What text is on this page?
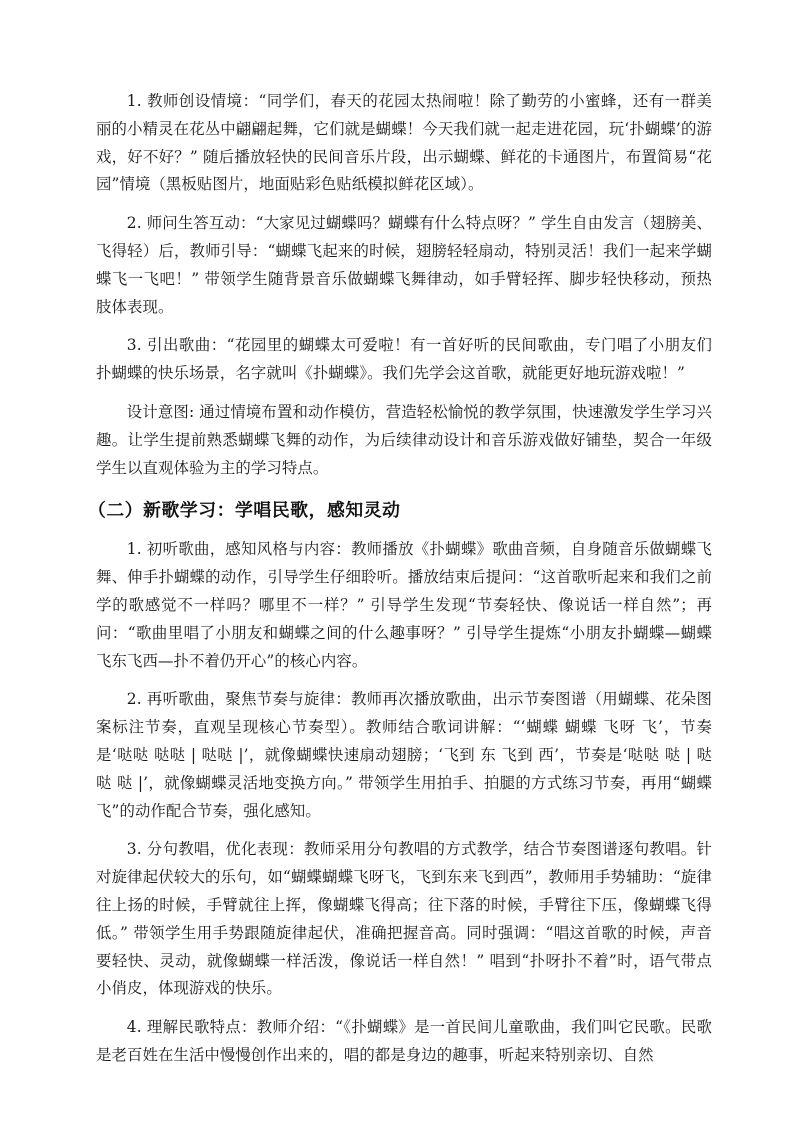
1. 教师创设情境：“同学们，春天的花园太热闹啦！除了勤劳的小蜜蜂，还有一群美丽的小精灵在花丛中翩翩起舞，它们就是蝴蝶！今天我们就一起走进花园，玩‘扑蝴蝶’的游戏，好不好？” 随后播放轻快的民间音乐片段，出示蝴蝶、鲜花的卡通图片，布置简易“花园”情境（黑板贴图片，地面贴彩色贴纸模拟鲜花区域）。

2. 师问生答互动：“大家见过蝴蝶吗？蝴蝶有什么特点呀？” 学生自由发言（翅膀美、飞得轻）后，教师引导：“蝴蝶飞起来的时候，翅膀轻轻扇动，特别灵活！我们一起来学蝴蝶飞一飞吧！” 带领学生随背景音乐做蝴蝶飞舞律动，如手臂轻挥、脚步轻快移动，预热肢体表现。

3. 引出歌曲：“花园里的蝴蝶太可爱啦！有一首好听的民间歌曲，专门唱了小朋友们扑蝴蝶的快乐场景，名字就叫《扑蝴蝶》。我们先学会这首歌，就能更好地玩游戏啦！”

设计意图: 通过情境布置和动作模仿，营造轻松愉悦的教学氛围，快速激发学生学习兴趣。让学生提前熟悉蝴蝶飞舞的动作，为后续律动设计和音乐游戏做好铺垫，契合一年级学生以直观体验为主的学习特点。

（二）新歌学习：学唱民歌，感知灵动

1. 初听歌曲，感知风格与内容：教师播放《扑蝴蝶》歌曲音频，自身随音乐做蝴蝶飞舞、伸手扑蝴蝶的动作，引导学生仔细聆听。播放结束后提问：“这首歌听起来和我们之前学的歌感觉不一样吗？哪里不一样？” 引导学生发现“节奏轻快、像说话一样自然”；再问：“歌曲里唱了小朋友和蝴蝶之间的什么趣事呀？” 引导学生提炼“小朋友扑蝴蝶—蝴蝶飞东飞西—扑不着仍开心”的核心内容。

2. 再听歌曲，聚焦节奏与旋律：教师再次播放歌曲，出示节奏图谱（用蝴蝶、花朵图案标注节奏，直观呈现核心节奏型）。教师结合歌词讲解：“‘蝴蝶 蝴蝶 飞呀 飞’，节奏是‘哒哒 哒哒 | 哒哒 |’，就像蝴蝶快速扇动翅膀；‘飞到 东 飞到 西’，节奏是‘哒哒 哒 | 哒哒 哒 |’，就像蝴蝶灵活地变换方向。” 带领学生用拍手、拍腿的方式练习节奏，再用“蝴蝶飞”的动作配合节奏，强化感知。

3. 分句教唱，优化表现：教师采用分句教唱的方式教学，结合节奏图谱逐句教唱。针对旋律起伏较大的乐句，如“蝴蝶蝴蝶飞呀飞，飞到东来飞到西”，教师用手势辅助：“旋律往上扬的时候，手臂就往上挥，像蝴蝶飞得高；往下落的时候，手臂往下压，像蝴蝶飞得低。” 带领学生用手势跟随旋律起伏，准确把握音高。同时强调：“唱这首歌的时候，声音要轻快、灵动，就像蝴蝶一样活泼，像说话一样自然！” 唱到“扑呀扑不着”时，语气带点小俏皮，体现游戏的快乐。

4. 理解民歌特点：教师介绍：“《扑蝴蝶》是一首民间儿童歌曲，我们叫它民歌。民歌是老百姓在生活中慢慢创作出来的，唱的都是身边的趣事，听起来特别亲切、自然
